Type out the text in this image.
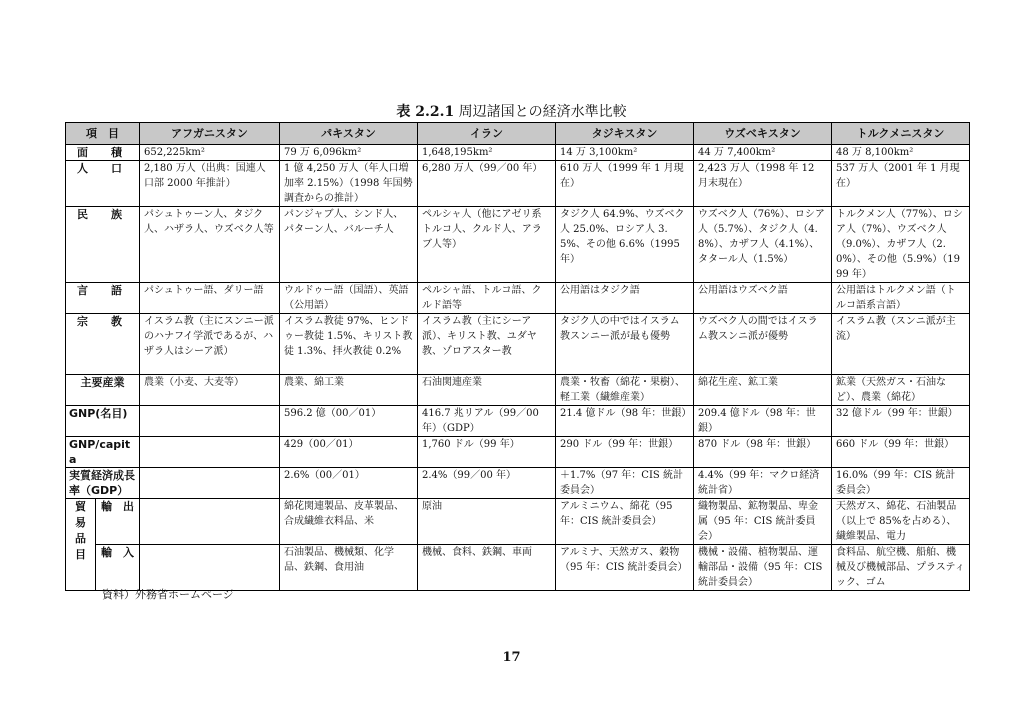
表 2.2.1 周辺諸国との経済水準比較
項　目		アフガニスタン	パキスタン	イラン	タジキスタン	ウズベキスタン	トルクメニスタン
面　積		652,225km²	79 万 6,096km²	1,648,195km²	14 万 3,100km²	44 万 7,400km²	48 万 8,100km²
人　口		2,180 万人（出典：国連人口部 2000 年推計）	1 億 4,250 万人（年人口増加率 2.15%）（1998 年国勢調査からの推計）	6,280 万人（99／00 年）	610 万人（1999 年 1 月現在）	2,423 万人（1998 年 12 月末現在）	537 万人（2001 年 1 月現在）
民　族		パシュトゥーン人、タジク人、ハザラ人、ウズベク人等	パンジャブ人、シンド人、パターン人、バルーチ人	ペルシャ人（他にアゼリ系トルコ人、クルド人、アラブ人等）	タジク人 64.9%、ウズベク人 25.0%、ロシア人 3.5%、その他 6.6%（1995 年）	ウズベク人（76%）、ロシア人（5.7%）、タジク人（4.8%）、カザフ人（4.1%）、タタール人（1.5%）	トルクメン人（77%）、ロシア人（7%）、ウズベク人（9.0%）、カザフ人（2.0%）、その他（5.9%）（1999 年）
言　語		パシュトゥー語、ダリー語	ウルドゥー語（国語）、英語（公用語）	ペルシャ語、トルコ語、クルド語等	公用語はタジク語	公用語はウズベク語	公用語はトルクメン語（トルコ語系言語）
宗　教		イスラム教（主にスンニー派のハナフイ学派であるが、ハザラ人はシーア派）	イスラム教徒 97%、ヒンドゥー教徒 1.5%、キリスト教徒 1.3%、拝火教徒 0.2%	イスラム教（主にシーア派）、キリスト教、ユダヤ教、ゾロアスター教	タジク人の中ではイスラム教スンニー派が最も優勢	ウズベク人の間ではイスラム教スンニ派が優勢	イスラム教（スンニ派が主流）
主要産業		農業（小麦、大麦等）	農業、綿工業	石油関連産業	農業・牧畜（綿花・果樹）、軽工業（繊維産業）	綿花生産、鉱工業	鉱業（天然ガス・石油など）、農業（綿花）
GNP(名目)			596.2 億（00／01）	416.7 兆リアル（99／00 年）（GDP）	21.4 億ドル（98 年：世銀）	209.4 億ドル（98 年：世銀）	32 億ドル（99 年：世銀）
GNP/capita			429（00／01）	1,760 ドル（99 年）	290 ドル（99 年：世銀）	870 ドル（98 年：世銀）	660 ドル（99 年：世銀）
実質経済成長率（GDP）			2.6%（00／01）	2.4%（99／00 年）	＋1.7%（97 年：CIS 統計委員会）	4.4%（99 年：マクロ経済統計省）	16.0%（99 年：CIS 統計委員会）

貿
易
品
目	輸　出		綿花関連製品、皮革製品、合成繊維衣料品、米	原油	アルミニウム、綿花（95 年：CIS 統計委員会）	織物製品、鉱物製品、卑金属（95 年：CIS 統計委員会）	天然ガス、綿花、石油製品（以上で 85%を占める）、繊維製品、電力
	輸　入		石油製品、機械類、化学品、鉄鋼、食用油	機械、食料、鉄鋼、車両	アルミナ、天然ガス、穀物（95 年：CIS 統計委員会）	機械・設備、植物製品、運輸部品・設備（95 年：CIS 統計委員会）	食料品、航空機、船舶、機械及び機械部品、プラスティック、ゴム
資料）外務省ホームページ
17
